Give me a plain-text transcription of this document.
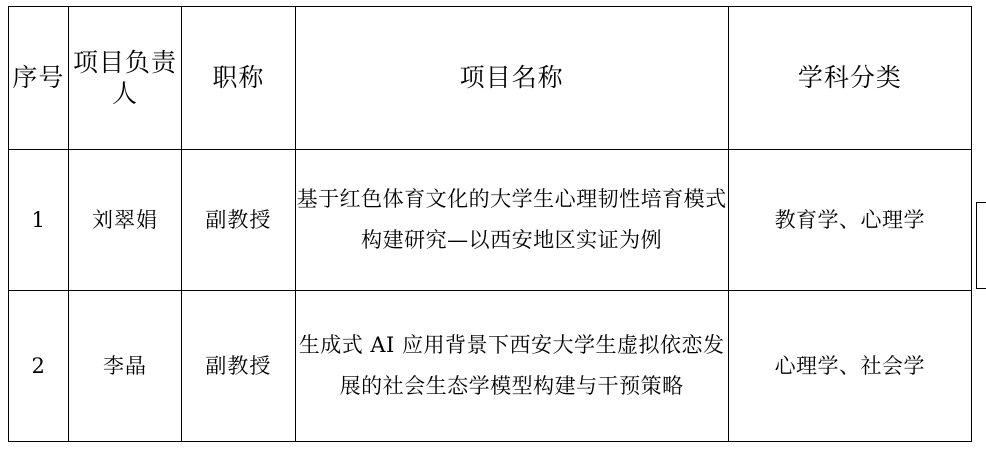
序号	项目负责人	职称	项目名称	学科分类
1	刘翠娟	副教授	基于红色体育文化的大学生心理韧性培育模式构建研究—以西安地区实证为例	教育学、心理学
2	李晶	副教授	生成式 AI 应用背景下西安大学生虚拟依恋发展的社会生态学模型构建与干预策略	心理学、社会学
